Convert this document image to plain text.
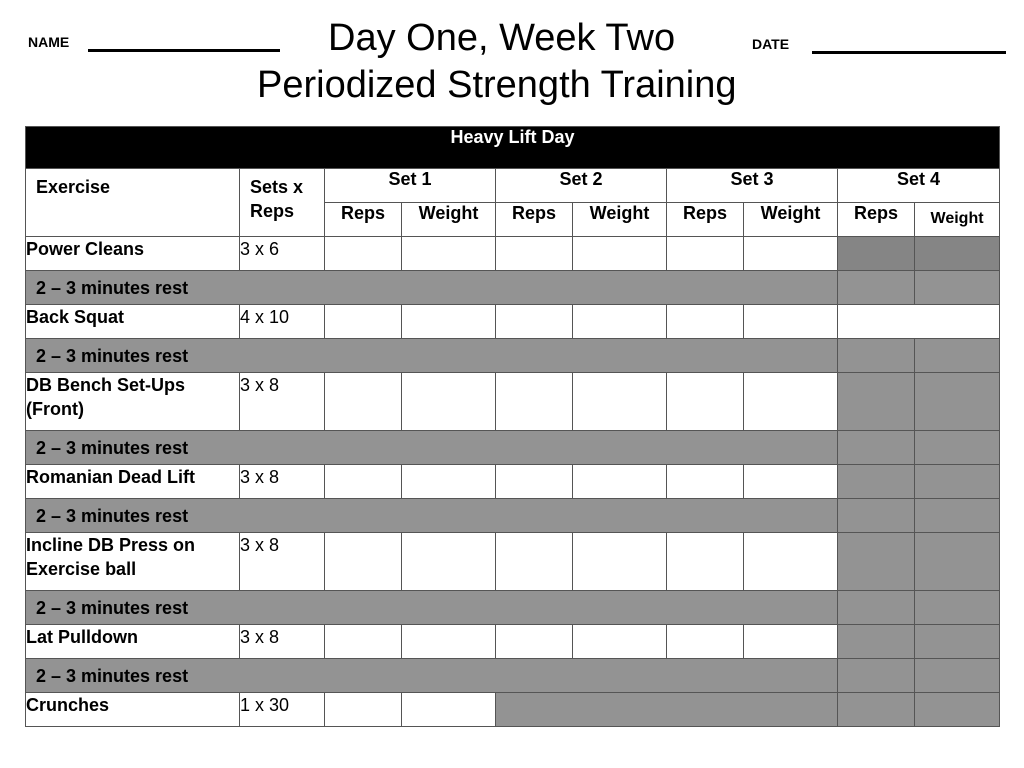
NAME	Day One, Week Two
Periodized Strength Training
DATE
Heavy Lift Day									
Exercise	Sets x Reps	Set 1		Set 2		Set 3		Set 4	
		Reps	Weight	Reps	Weight	Reps	Weight	Reps	Weight
Power Cleans	3 x 6								
2 – 3 minutes rest									
Back Squat	4 x 10								
2 – 3 minutes rest									
DB Bench Set-Ups (Front)	3 x 8								
2 – 3 minutes rest									
Romanian Dead Lift	3 x 8								
2 – 3 minutes rest									
Incline DB Press on Exercise ball	3 x 8								
2 – 3 minutes rest									
Lat Pulldown	3 x 8								
2 – 3 minutes rest									
Crunches	1 x 30								
